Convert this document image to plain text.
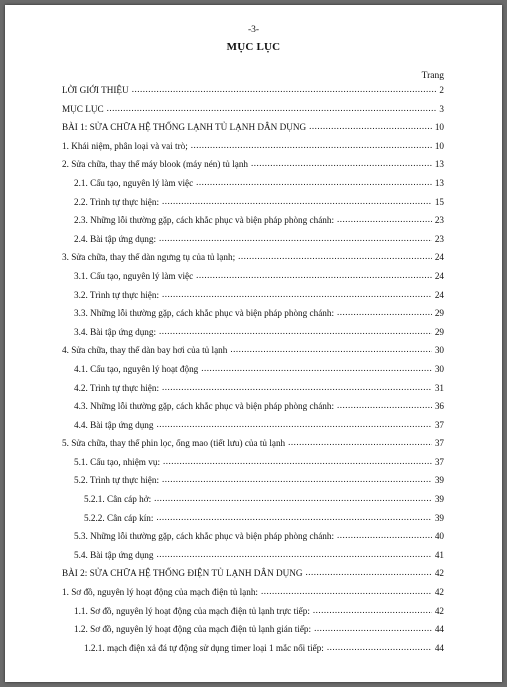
-3-
MỤC LỤC
Trang
LỜI GIỚI THIỆU .....	2
MỤC LỤC .....	3
BÀI 1: SỬA CHỮA HỆ THỐNG LẠNH TỦ LẠNH DÂN DỤNG .....	10
1. Khái niệm, phân loại và vai trò; .....	10
2. Sửa chữa, thay thế máy blook (máy nén) tủ lạnh .....	13
2.1. Cấu tạo, nguyên lý làm việc .....	13
2.2. Trình tự thực hiện: .....	15
2.3. Những lỗi thường gặp, cách khắc phục và biện pháp phòng chánh: .....	23
2.4. Bài tập ứng dụng: .....	23
3. Sửa chữa, thay thế dàn ngưng tụ của tủ lạnh; .....	24
3.1. Cấu tạo, nguyên lý làm việc .....	24
3.2. Trình tự thực hiện: .....	24
3.3. Những lỗi thường gặp, cách khắc phục và biện pháp phòng chánh: .....	29
3.4. Bài tập ứng dụng: .....	29
4. Sửa chữa, thay thế dàn bay hơi của tủ lạnh .....	30
4.1. Cấu tạo, nguyên lý hoạt động .....	30
4.2. Trình tự thực hiện: .....	31
4.3. Những lỗi thường gặp, cách khắc phục và biện pháp phòng chánh: .....	36
4.4. Bài tập ứng dụng .....	37
5. Sửa chữa, thay thế phin lọc, ống mao (tiết lưu) của tủ lạnh .....	37
5.1. Cấu tạo, nhiệm vụ: .....	37
5.2. Trình tự thực hiện: .....	39
5.2.1. Cân cáp hở: .....	39
5.2.2. Cân cáp kín: .....	39
5.3. Những lỗi thường gặp, cách khắc phục và biện pháp phòng chánh: .....	40
5.4. Bài tập ứng dụng .....	41
BÀI 2: SỬA CHỮA HỆ THỐNG ĐIỆN TỦ LẠNH DÂN DỤNG .....	42
1. Sơ đồ, nguyên lý hoạt động của mạch điện tủ lạnh: .....	42
1.1. Sơ đồ, nguyên lý hoạt động của mạch điện tủ lạnh trực tiếp: .....	42
1.2. Sơ đồ, nguyên lý hoạt động của mạch điện tủ lạnh gián tiếp: .....	44
1.2.1. mạch điện xả đá tự động sử dụng timer loại 1 mắc nối tiếp: .....	44
